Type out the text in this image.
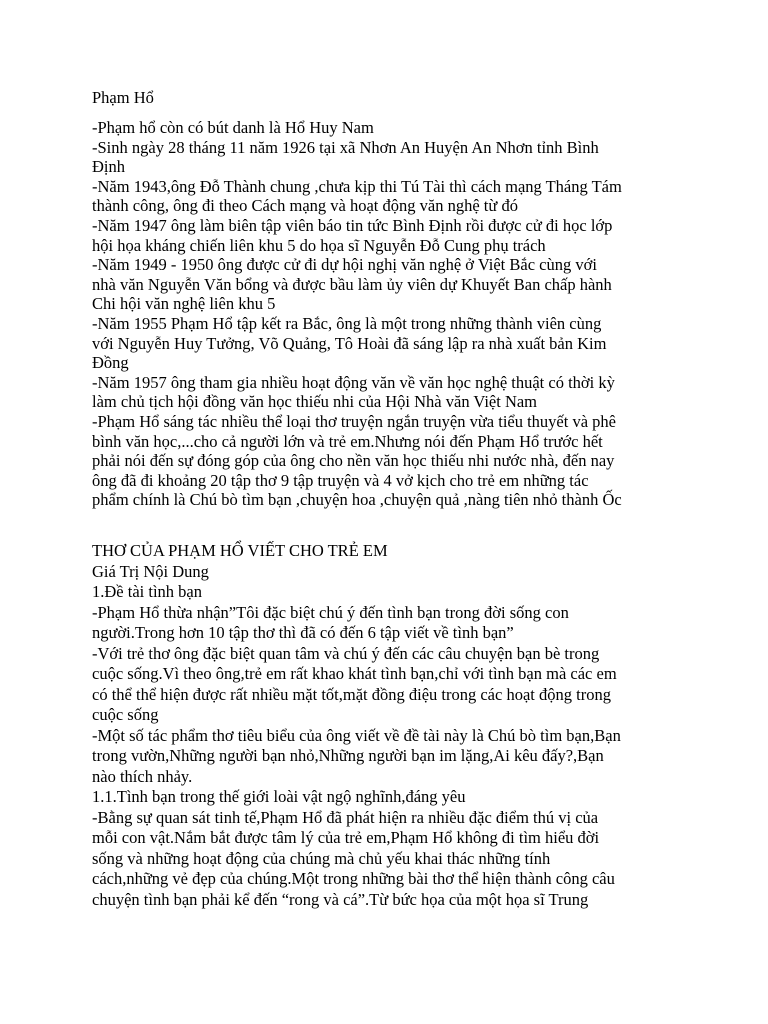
Phạm Hổ
-Phạm hổ còn có bút danh là Hổ Huy Nam
-Sinh ngày 28 tháng 11 năm 1926 tại xã Nhơn An Huyện An Nhơn tỉnh Bình
Định
-Năm 1943,ông Đỗ Thành chung ,chưa kịp thi Tú Tài thì cách mạng Tháng Tám
thành công, ông đi theo Cách mạng và hoạt động văn nghệ từ đó
-Năm 1947 ông làm biên tập viên báo tin tức Bình Định rồi được cử đi học lớp
hội họa kháng chiến liên khu 5 do họa sĩ Nguyễn Đỗ Cung phụ trách
-Năm 1949 - 1950 ông được cử đi dự hội nghị văn nghệ ở Việt Bắc cùng với
nhà văn Nguyễn Văn bổng và được bầu làm ủy viên dự Khuyết Ban chấp hành
Chi hội văn nghệ liên khu 5
-Năm 1955 Phạm Hổ tập kết ra Bắc, ông là một trong những thành viên cùng
với Nguyễn Huy Tưởng, Võ Quảng, Tô Hoài đã sáng lập ra nhà xuất bản Kim
Đồng
-Năm 1957 ông tham gia nhiều hoạt động văn về văn học nghệ thuật có thời kỳ
làm chủ tịch hội đồng văn học thiếu nhi của Hội Nhà văn Việt Nam
-Phạm Hổ sáng tác nhiều thể loại thơ truyện ngắn truyện vừa tiểu thuyết và phê
bình văn học,...cho cả người lớn và trẻ em.Nhưng nói đến Phạm Hổ trước hết
phải nói đến sự đóng góp của ông cho nền văn học thiếu nhi nước nhà, đến nay
ông đã đi khoảng 20 tập thơ 9 tập truyện và 4 vở kịch cho trẻ em những tác
phẩm chính là Chú bò tìm bạn ,chuyện hoa ,chuyện quả ,nàng tiên nhỏ thành Ốc
THƠ CỦA PHẠM HỔ VIẾT CHO TRẺ EM
Giá Trị Nội Dung
1.Đề tài tình bạn
-Phạm Hổ thừa nhận”Tôi đặc biệt chú ý đến tình bạn trong đời sống con
người.Trong hơn 10 tập thơ thì đã có đến 6 tập viết về tình bạn”
-Với trẻ thơ ông đặc biệt quan tâm và chú ý đến các câu chuyện bạn bè trong
cuộc sống.Vì theo ông,trẻ em rất khao khát tình bạn,chỉ với tình bạn mà các em
có thể thể hiện được rất nhiều mặt tốt,mặt đồng điệu trong các hoạt động trong
cuộc sống
-Một số tác phẩm thơ tiêu biểu của ông viết về đề tài này là Chú bò tìm bạn,Bạn
trong vườn,Những người bạn nhỏ,Những người bạn im lặng,Ai kêu đấy?,Bạn
nào thích nhảy.
1.1.Tình bạn trong thế giới loài vật ngộ nghĩnh,đáng yêu
-Bằng sự quan sát tinh tế,Phạm Hổ đã phát hiện ra nhiều đặc điểm thú vị của
mỗi con vật.Nắm bắt được tâm lý của trẻ em,Phạm Hổ không đi tìm hiểu đời
sống và những hoạt động của chúng mà chủ yếu khai thác những tính
cách,những vẻ đẹp của chúng.Một trong những bài thơ thể hiện thành công câu
chuyện tình bạn phải kể đến “rong và cá”.Từ bức họa của một họa sĩ Trung
